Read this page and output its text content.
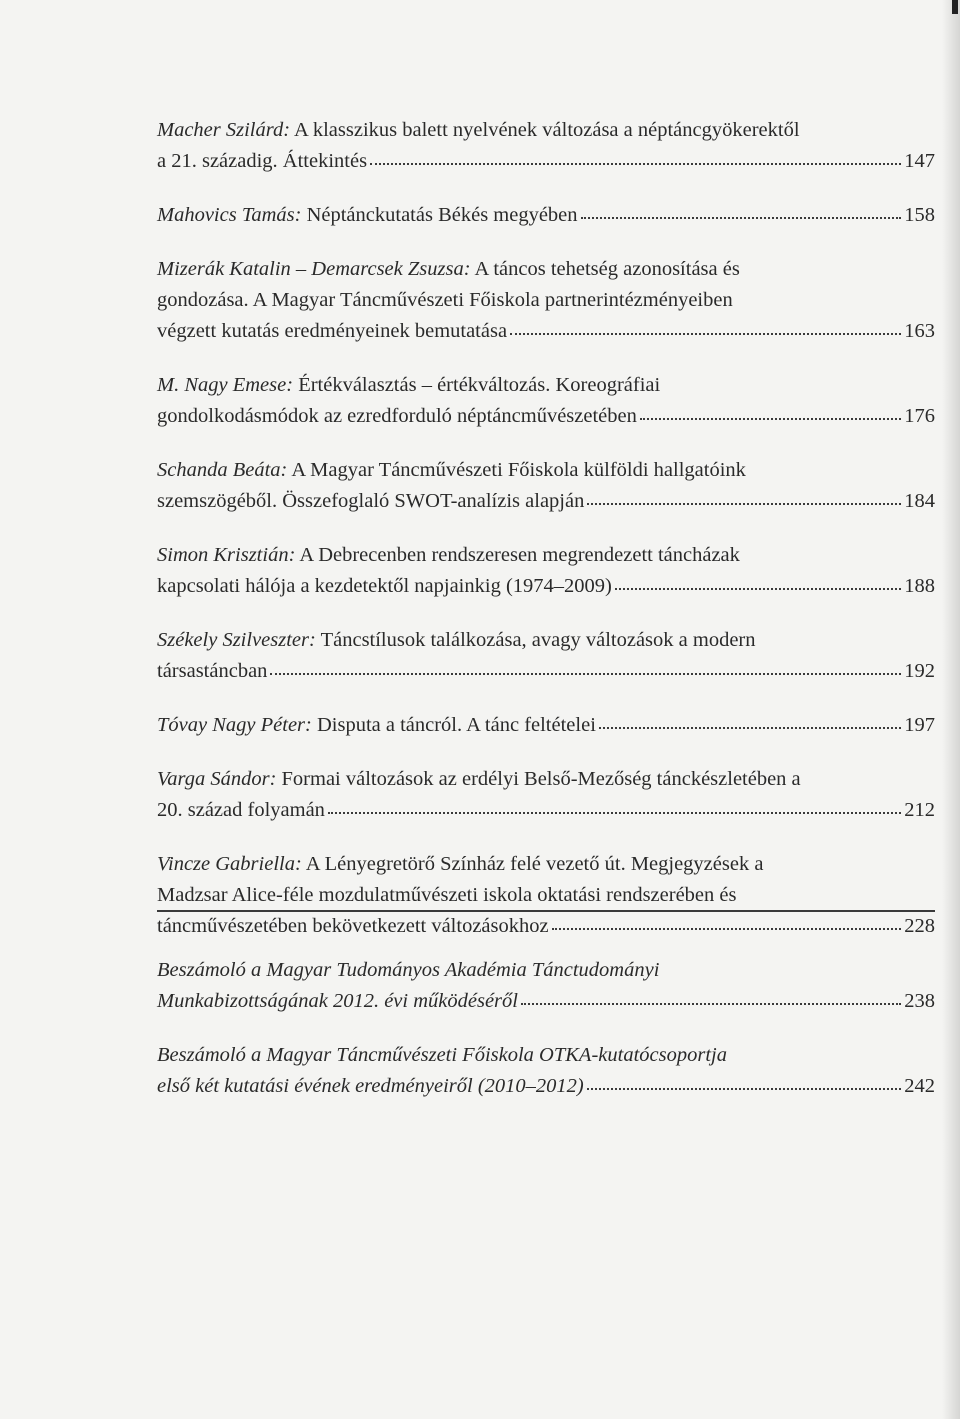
Macher Szilárd: A klasszikus balett nyelvének változása a néptáncgyökerektől
a 21. századig. Áttekintés	147
Mahovics Tamás: Néptánckutatás Békés megyében	158
Mizerák Katalin – Demarcsek Zsuzsa: A táncos tehetség azonosítása és
gondozása. A Magyar Táncművészeti Főiskola partnerintézményeiben
végzett kutatás eredményeinek bemutatása	163
M. Nagy Emese: Értékválasztás – értékváltozás. Koreográfiai
gondolkodásmódok az ezredforduló néptáncművészetében	176
Schanda Beáta: A Magyar Táncművészeti Főiskola külföldi hallgatóink
szemszögéből. Összefoglaló SWOT-analízis alapján	184
Simon Krisztián: A Debrecenben rendszeresen megrendezett táncházak
kapcsolati hálója a kezdetektől napjainkig (1974–2009)	188
Székely Szilveszter: Táncstílusok találkozása, avagy változások a modern
társastáncban	192
Tóvay Nagy Péter: Disputa a táncról. A tánc feltételei	197
Varga Sándor: Formai változások az erdélyi Belső-Mezőség tánckészletében a
20. század folyamán	212
Vincze Gabriella: A Lényegretörő Színház felé vezető út. Megjegyzések a
Madzsar Alice-féle mozdulatművészeti iskola oktatási rendszerében és
táncművészetében bekövetkezett változásokhoz	228
Beszámoló a Magyar Tudományos Akadémia Tánctudományi
Munkabizottságának 2012. évi működéséről	238
Beszámoló a Magyar Táncművészeti Főiskola OTKA-kutatócsoportja
első két kutatási évének eredményeiről (2010–2012)	242
